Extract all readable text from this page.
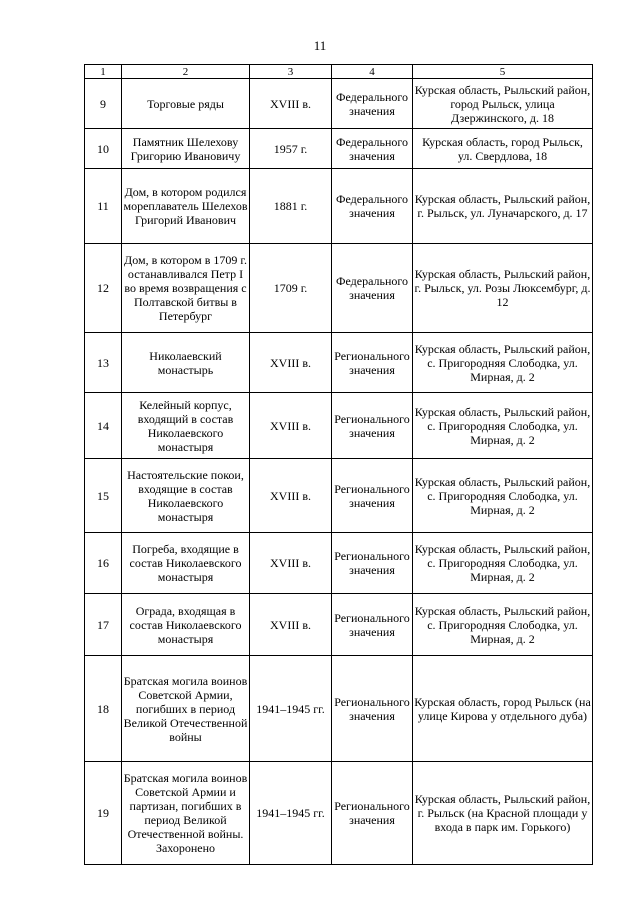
11
1	2	3	4	5
9	Торговые ряды	XVIII в.	Федерального значения	Курская область, Рыльский район, город Рыльск, улица Дзержинского, д. 18
10	Памятник Шелехову Григорию Ивановичу	1957 г.	Федерального значения	Курская область, город Рыльск, ул. Свердлова, 18
11	Дом, в котором родился мореплаватель Шелехов Григорий Иванович	1881 г.	Федерального значения	Курская область, Рыльский район, г. Рыльск, ул. Луначарского, д. 17
12	Дом, в котором в 1709 г. останавливался Петр I во время возвращения с Полтавской битвы в Петербург	1709 г.	Федерального значения	Курская область, Рыльский район, г. Рыльск, ул. Розы Люксембург, д. 12
13	Николаевский монастырь	XVIII в.	Регионального значения	Курская область, Рыльский район, с. Пригородняя Слободка, ул. Мирная, д. 2
14	Келейный корпус, входящий в состав Николаевского монастыря	XVIII в.	Регионального значения	Курская область, Рыльский район, с. Пригородняя Слободка, ул. Мирная, д. 2
15	Настоятельские покои, входящие в состав Николаевского монастыря	XVIII в.	Регионального значения	Курская область, Рыльский район, с. Пригородняя Слободка, ул. Мирная, д. 2
16	Погреба, входящие в состав Николаевского монастыря	XVIII в.	Регионального значения	Курская область, Рыльский район, с. Пригородняя Слободка, ул. Мирная, д. 2
17	Ограда, входящая в состав Николаевского монастыря	XVIII в.	Регионального значения	Курская область, Рыльский район, с. Пригородняя Слободка, ул. Мирная, д. 2
18	Братская могила воинов Советской Армии, погибших в период Великой Отечественной войны	1941–1945 гг.	Регионального значения	Курская область, город Рыльск (на улице Кирова у отдельного дуба)
19	Братская могила воинов Советской Армии и партизан, погибших в период Великой Отечественной войны. Захоронено	1941–1945 гг.	Регионального значения	Курская область, Рыльский район, г. Рыльск (на Красной площади у входа в парк им. Горького)
